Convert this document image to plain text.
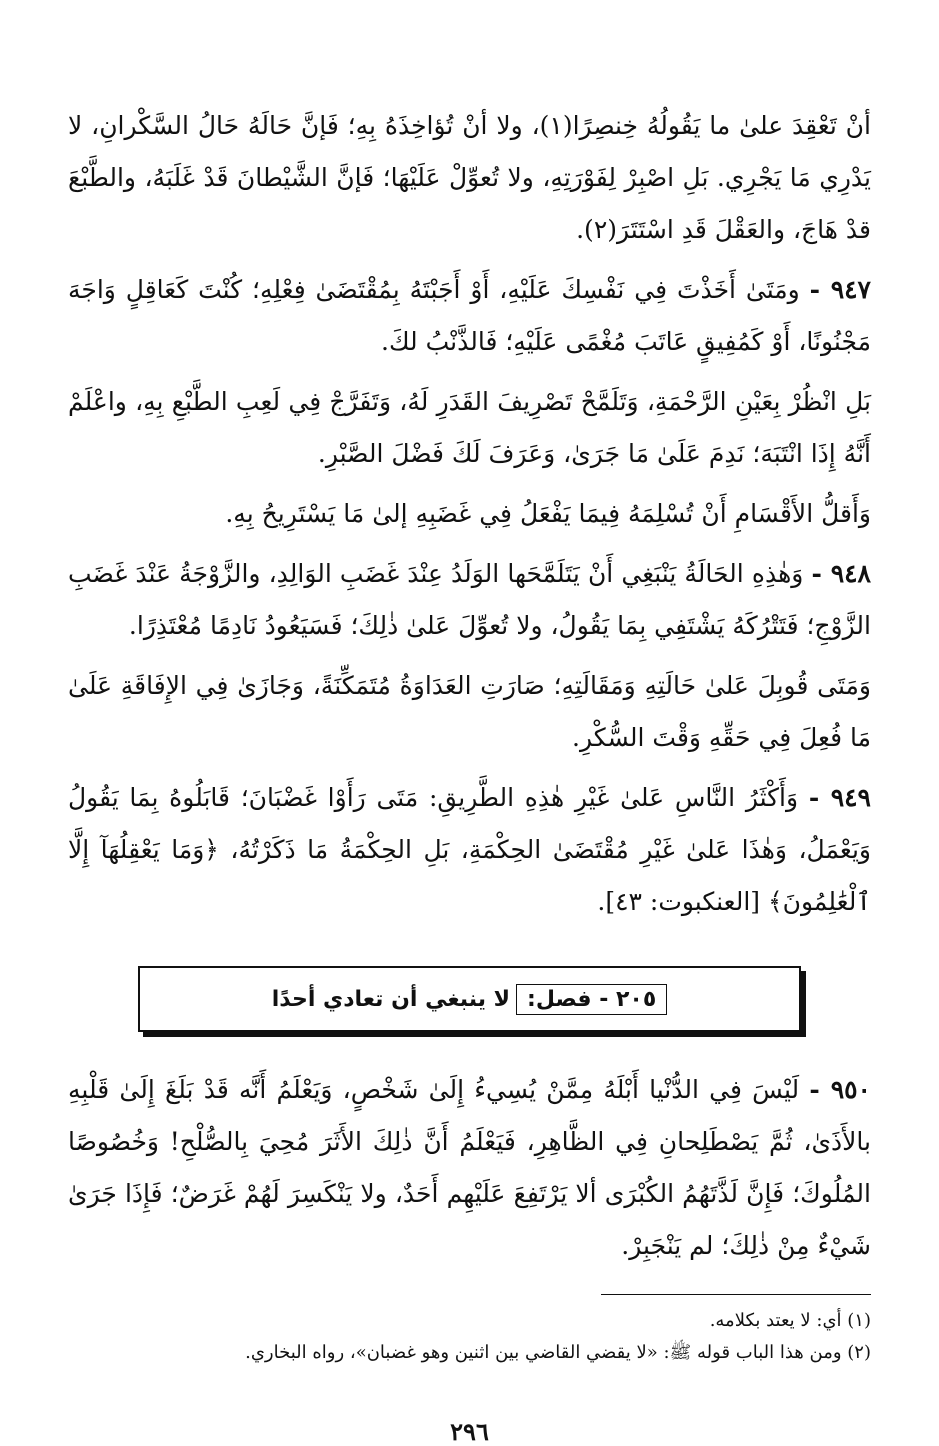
أنْ تَعْقِدَ علىٰ ما يَقُولُهُ خِنصِرًا(١)، ولا أنْ تُؤاخِذَهُ بِهِ؛ فَإنَّ حَالَهُ حَالُ السَّكْرانِ، لا يَدْرِي مَا يَجْرِي. بَلِ اصْبِرْ لِفَوْرَتِهِ، ولا تُعوِّلْ عَلَيْهَا؛ فَإنَّ الشَّيْطانَ قَدْ غَلَبَهُ، والطَّبْعَ قدْ هَاجَ، والعَقْلَ قَدِ اسْتَتَرَ(٢).

٩٤٧ - ومَتَىٰ أَخَذْتَ فِي نَفْسِكَ عَلَيْهِ، أَوْ أَجَبْتَهُ بِمُقْتَضَىٰ فِعْلِهِ؛ كُنْتَ كَعَاقِلٍ وَاجَهَ مَجْنُونًا، أَوْ كَمُفِيقٍ عَاتَبَ مُغْمًى عَلَيْهِ؛ فَالذَّنْبُ لكَ.

بَلِ انْظُرْ بِعَيْنِ الرَّحْمَةِ، وَتَلَمَّحْ تَصْرِيفَ القَدَرِ لَهُ، وَتَفَرَّجْ فِي لَعِبِ الطَّبْعِ بِهِ، واعْلَمْ أَنَّهُ إِذَا انْتَبَهَ؛ نَدِمَ عَلَىٰ مَا جَرَىٰ، وَعَرَفَ لَكَ فَضْلَ الصَّبْرِ.

وَأَقلُّ الأَقْسَامِ أَنْ تُسْلِمَهُ فِيمَا يَفْعَلُ فِي غَضَبِهِ إلىٰ مَا يَسْتَرِيحُ بِهِ.

٩٤٨ - وَهٰذِهِ الحَالَةُ يَنْبَغِي أَنْ يَتَلَمَّحَها الوَلَدُ عِنْدَ غَضَبِ الوَالِدِ، والزَّوْجَةُ عَنْدَ غَضَبِ الزَّوْجِ؛ فَتَتْرُكَهُ يَشْتَفِي بِمَا يَقُولُ، ولا تُعوِّلَ عَلىٰ ذٰلِكَ؛ فَسَيَعُودُ نَادِمًا مُعْتَذِرًا.

وَمَتَى قُوبِلَ عَلىٰ حَالَتِهِ وَمَقَالَتِهِ؛ صَارَتِ العَدَاوَةُ مُتَمَكِّنَةً، وَجَازَىٰ فِي الإِفَاقَةِ عَلَىٰ مَا فُعِلَ فِي حَقِّهِ وَقْتَ السُّكْرِ.

٩٤٩ - وَأَكْثَرُ النَّاسِ عَلىٰ غَيْرِ هٰذِهِ الطَّرِيقِ: مَتَى رَأَوْا غَضْبَانَ؛ قَابَلُوهُ بِمَا يَقُولُ وَيَعْمَلُ، وَهٰذَا عَلىٰ غَيْرِ مُقْتَضَىٰ الحِكْمَةِ، بَلِ الحِكْمَةُ مَا ذَكَرْتُهُ، ﴿وَمَا يَعْقِلُهَآ إِلَّا ٱلْعَٰلِمُونَ﴾ [العنكبوت: ٤٣].

٢٠٥ - فصل:
لا ينبغي أن تعادي أحدًا

٩٥٠ - لَيْسَ فِي الدُّنْيا أَبْلَهُ مِمَّنْ يُسِيءُ إِلَىٰ شَخْصٍ، وَيَعْلَمُ أَنَّه قَدْ بَلَغَ إِلَىٰ قَلْبِهِ بالأَذَىٰ، ثُمَّ يَصْطَلِحانِ فِي الظَّاهِرِ، فَيَعْلَمُ أَنَّ ذٰلِكَ الأَثَرَ مُحِيَ بِالصُّلْحِ! وَخُصُوصًا المُلُوكَ؛ فَإِنَّ لَذَّتَهُمُ الكُبْرَى ألا يَرْتَفِعَ عَلَيْهِم أَحَدٌ، ولا يَنْكَسِرَ لَهُمْ غَرَضٌ؛ فَإِذَا جَرَىٰ شَيْءٌ مِنْ ذٰلِكَ؛ لم يَنْجَبِرْ.

(١) أي: لا يعتد بكلامه.
(٢) ومن هذا الباب قوله ﷺ: «لا يقضي القاضي بين اثنين وهو غضبان»، رواه البخاري.
٢٩٦
